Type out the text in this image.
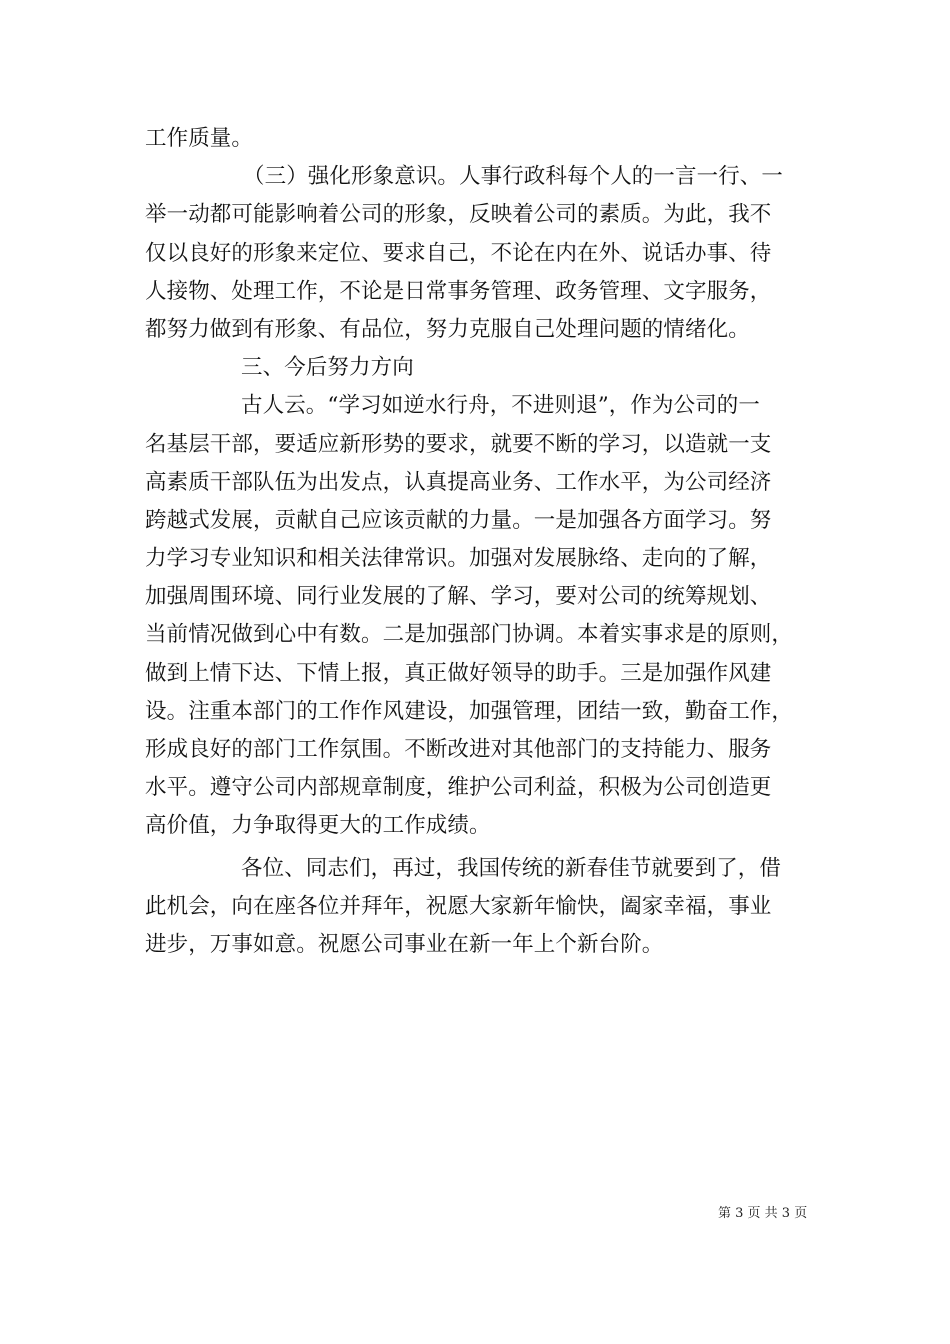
工作质量。
（三）强化形象意识。人事行政科每个人的一言一行、一
举一动都可能影响着公司的形象，反映着公司的素质。为此，我不
仅以良好的形象来定位、要求自己，不论在内在外、说话办事、待
人接物、处理工作，不论是日常事务管理、政务管理、文字服务，
都努力做到有形象、有品位，努力克服自己处理问题的情绪化。
三、今后努力方向
古人云。“学习如逆水行舟，不进则退”，作为公司的一
名基层干部，要适应新形势的要求，就要不断的学习，以造就一支
高素质干部队伍为出发点，认真提高业务、工作水平，为公司经济
跨越式发展，贡献自己应该贡献的力量。一是加强各方面学习。努
力学习专业知识和相关法律常识。加强对发展脉络、走向的了解，
加强周围环境、同行业发展的了解、学习，要对公司的统筹规划、
当前情况做到心中有数。二是加强部门协调。本着实事求是的原则，
做到上情下达、下情上报，真正做好领导的助手。三是加强作风建
设。注重本部门的工作作风建设，加强管理，团结一致，勤奋工作，
形成良好的部门工作氛围。不断改进对其他部门的支持能力、服务
水平。遵守公司内部规章制度，维护公司利益，积极为公司创造更
高价值，力争取得更大的工作成绩。
各位、同志们，再过，我国传统的新春佳节就要到了，借
此机会，向在座各位并拜年，祝愿大家新年愉快，阖家幸福，事业
进步，万事如意。祝愿公司事业在新一年上个新台阶。
第 3 页 共 3 页
